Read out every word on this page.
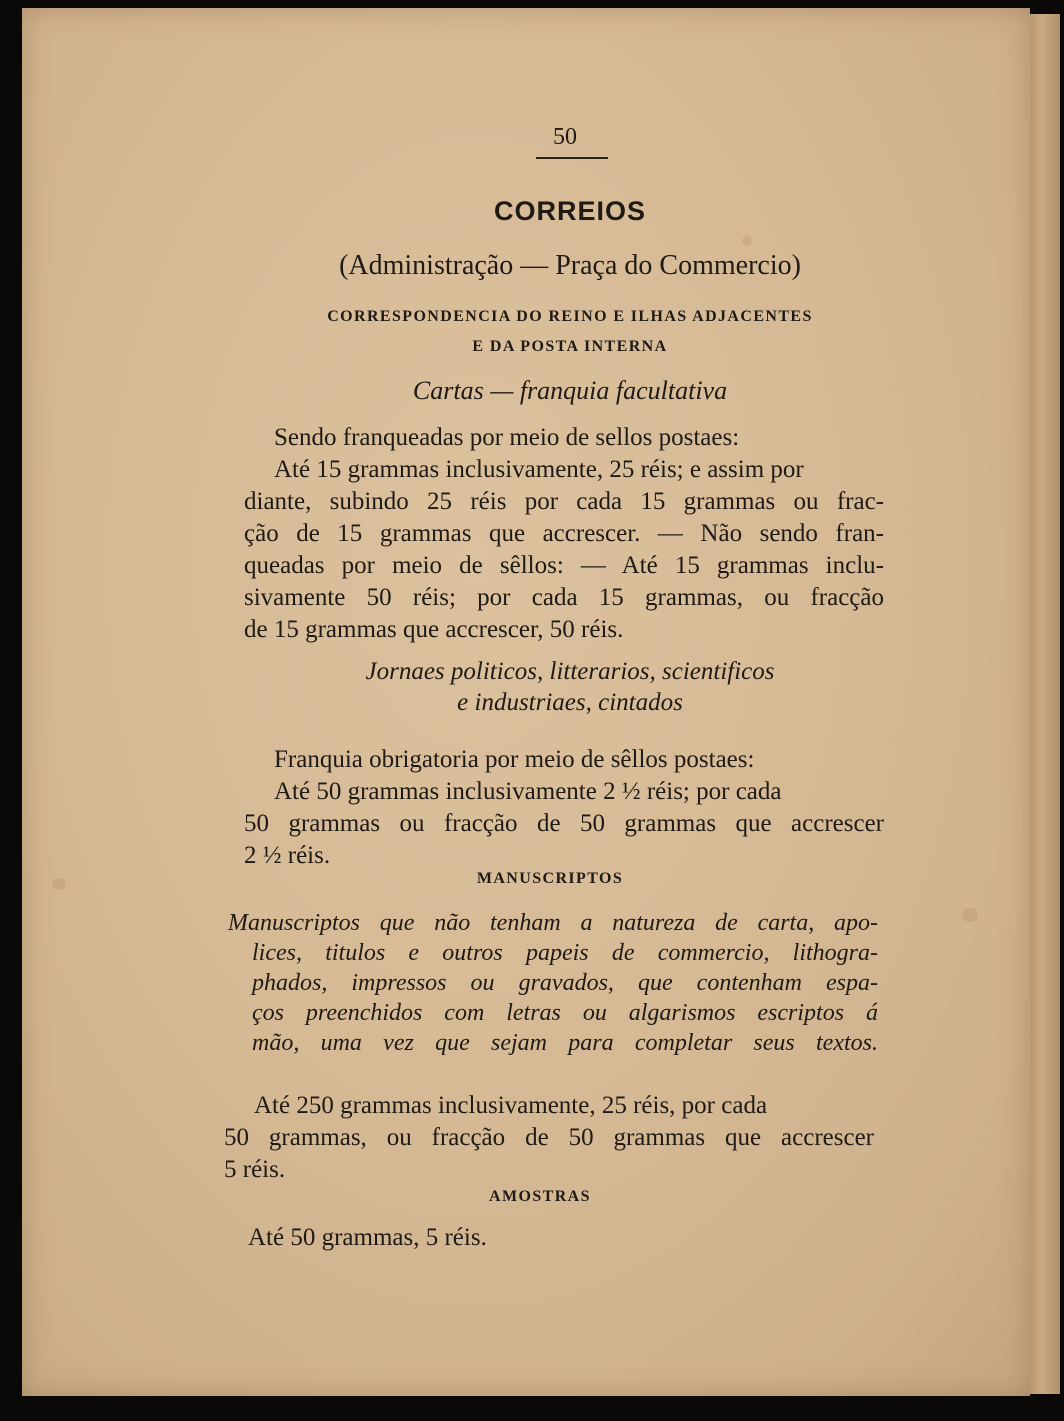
50

CORREIOS

(Administração — Praça do Commercio)

CORRESPONDENCIA DO REINO E ILHAS ADJACENTES

E DA POSTA INTERNA

Cartas — franquia facultativa

Sendo franqueadas por meio de sellos postaes:
Até 15 grammas inclusivamente, 25 réis; e assim por
diante, subindo 25 réis por cada 15 grammas ou frac-
ção de 15 grammas que accrescer. — Não sendo fran-
queadas por meio de sêllos: — Até 15 grammas inclu-
sivamente 50 réis; por cada 15 grammas, ou fracção
de 15 grammas que accrescer, 50 réis.
Jornaes politicos, litterarios, scientificos
e industriaes, cintados
Franquia obrigatoria por meio de sêllos postaes:
Até 50 grammas inclusivamente 2 ½ réis; por cada
50 grammas ou fracção de 50 grammas que accrescer
2 ½ réis.

MANUSCRIPTOS

Manuscriptos que não tenham a natureza de carta, apo-
lices, titulos e outros papeis de commercio, lithogra-
phados, impressos ou gravados, que contenham espa-
ços preenchidos com letras ou algarismos escriptos á
mão, uma vez que sejam para completar seus textos.
Até 250 grammas inclusivamente, 25 réis, por cada
50 grammas, ou fracção de 50 grammas que accrescer
5 réis.

AMOSTRAS

Até 50 grammas, 5 réis.
